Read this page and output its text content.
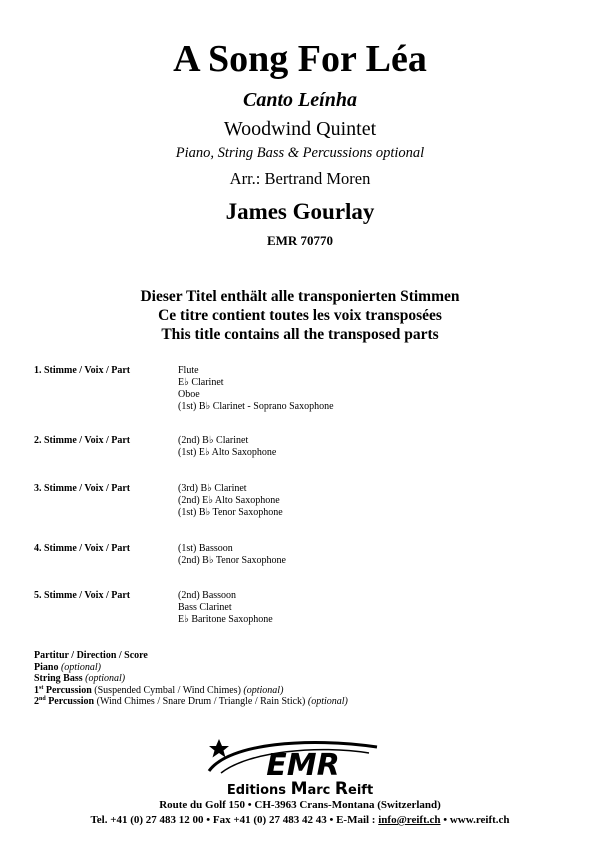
A Song For Léa
Canto Leínha
Woodwind Quintet
Piano, String Bass & Percussions optional
Arr.: Bertrand Moren
James Gourlay
EMR 70770
Dieser Titel enthält alle transponierten Stimmen
Ce titre contient toutes les voix transposées
This title contains all the transposed parts
1. Stimme / Voix / Part	Flute
E♭ Clarinet
Oboe
(1st) B♭ Clarinet - Soprano Saxophone
2. Stimme / Voix / Part	(2nd) B♭ Clarinet
(1st) E♭ Alto Saxophone
3. Stimme / Voix / Part	(3rd) B♭ Clarinet
(2nd) E♭ Alto Saxophone
(1st) B♭ Tenor Saxophone
4. Stimme / Voix / Part	(1st) Bassoon
(2nd) B♭ Tenor Saxophone
5. Stimme / Voix / Part	(2nd) Bassoon
Bass Clarinet
E♭ Baritone Saxophone
Partitur / Direction / Score
Piano (optional)
String Bass (optional)
1st Percussion (Suspended Cymbal / Wind Chimes) (optional)
2nd Percussion (Wind Chimes / Snare Drum / Triangle / Rain Stick) (optional)
EMR
Editions Marc Reift
Route du Golf 150 • CH-3963 Crans-Montana (Switzerland)
Tel. +41 (0) 27 483 12 00 • Fax +41 (0) 27 483 42 43 • E-Mail : info@reift.ch • www.reift.ch
